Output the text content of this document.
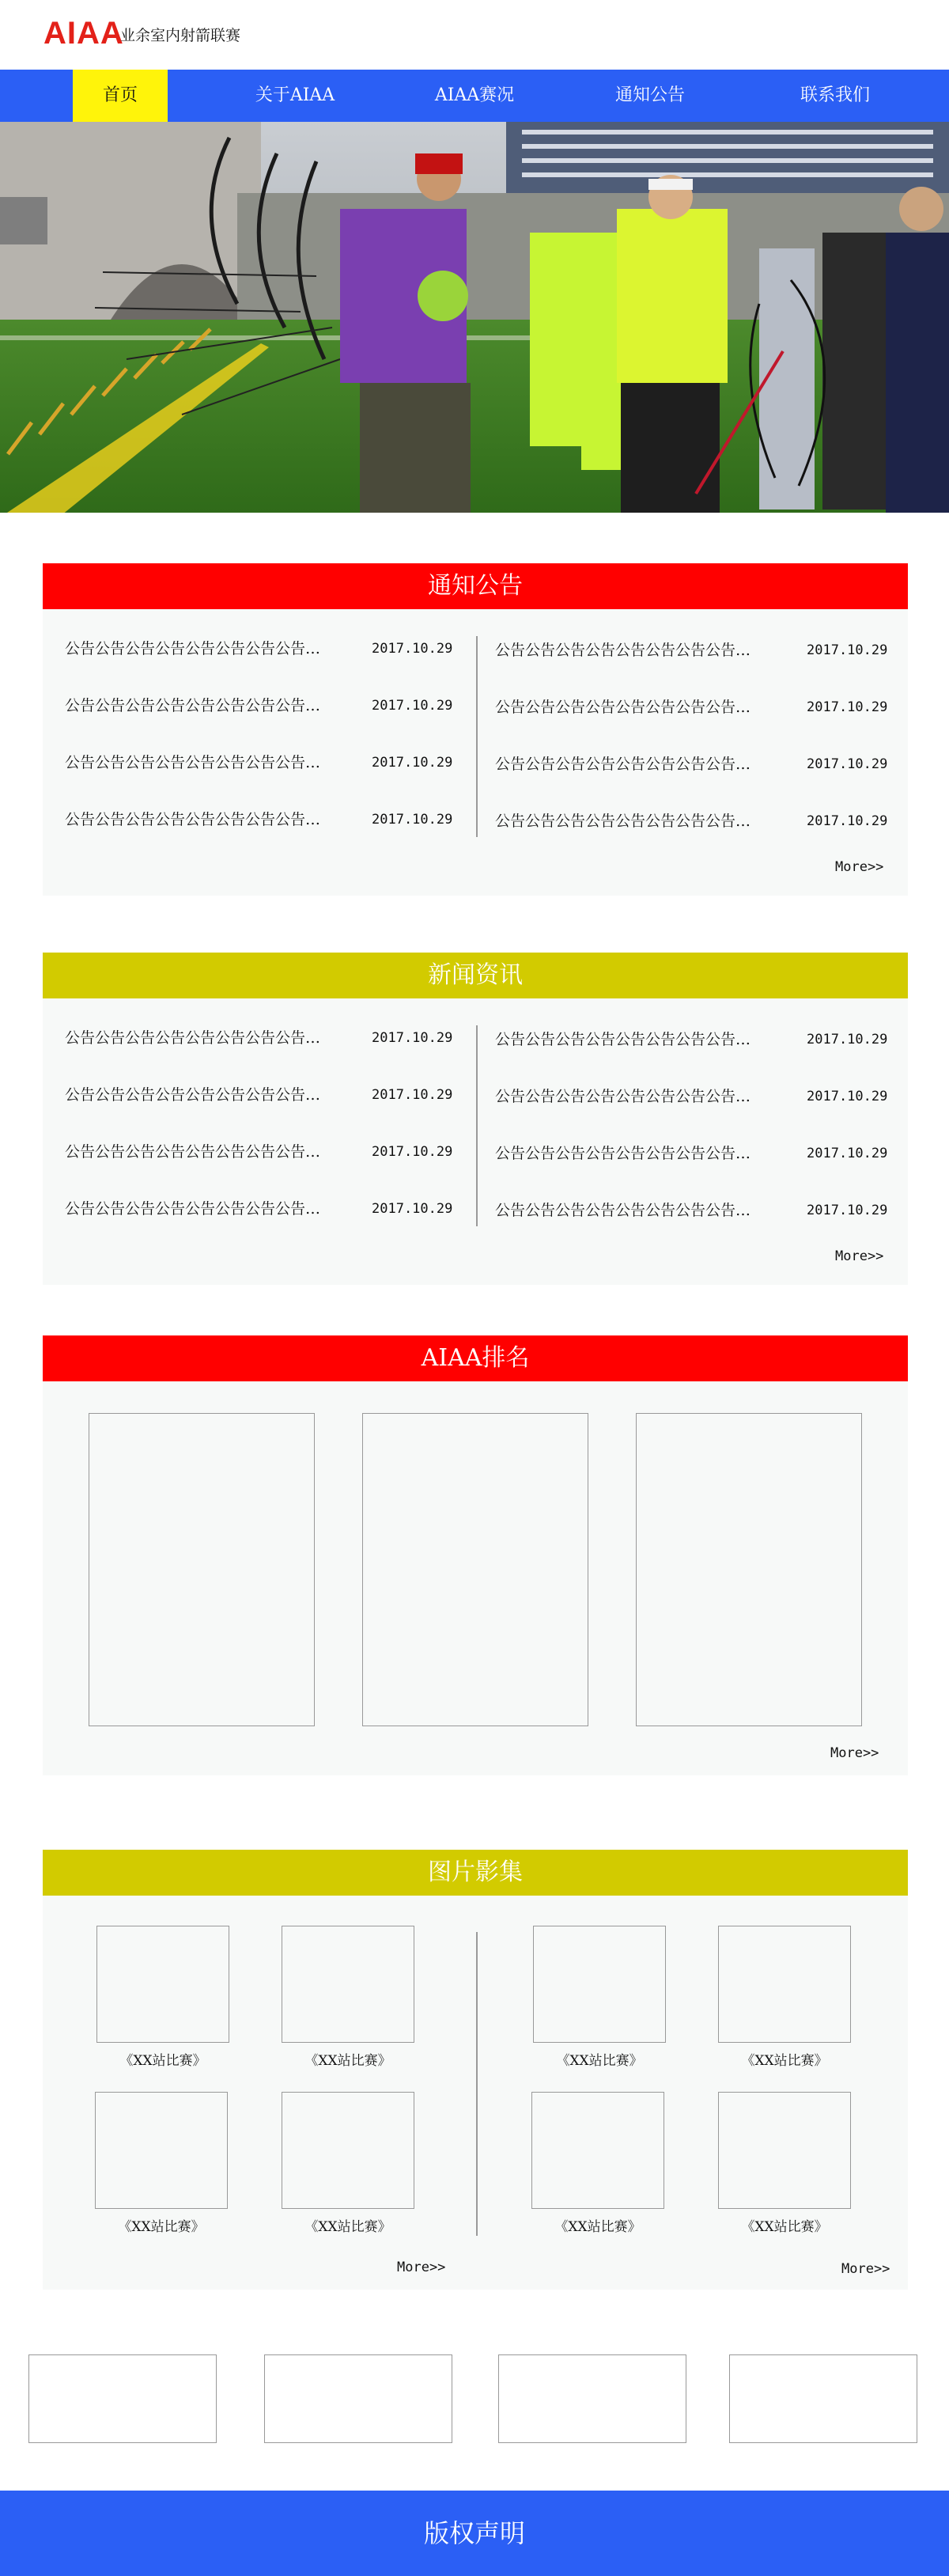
AIAA
业余室内射箭联赛
首页	关于AIAA	AIAA赛况	通知公告	联系我们
通知公告
公告公告公告公告公告公告公告公告…	2017.10.29
公告公告公告公告公告公告公告公告…	2017.10.29
公告公告公告公告公告公告公告公告…	2017.10.29
公告公告公告公告公告公告公告公告…	2017.10.29
公告公告公告公告公告公告公告公告…	2017.10.29
公告公告公告公告公告公告公告公告…	2017.10.29
公告公告公告公告公告公告公告公告…	2017.10.29
公告公告公告公告公告公告公告公告…	2017.10.29
More>>
新闻资讯
公告公告公告公告公告公告公告公告…	2017.10.29
公告公告公告公告公告公告公告公告…	2017.10.29
公告公告公告公告公告公告公告公告…	2017.10.29
公告公告公告公告公告公告公告公告…	2017.10.29
公告公告公告公告公告公告公告公告…	2017.10.29
公告公告公告公告公告公告公告公告…	2017.10.29
公告公告公告公告公告公告公告公告…	2017.10.29
公告公告公告公告公告公告公告公告…	2017.10.29
More>>
AIAA排名
More>>
图片影集
《XX站比赛》	《XX站比赛》
《XX站比赛》	《XX站比赛》
《XX站比赛》	《XX站比赛》
《XX站比赛》	《XX站比赛》
More>>	More>>
版权声明
